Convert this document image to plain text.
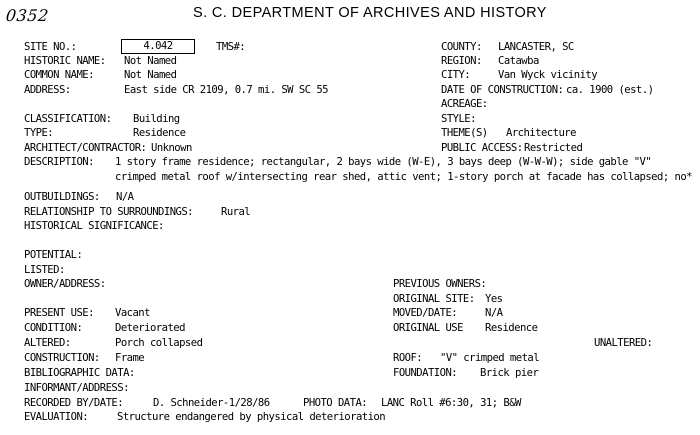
0352	S. C. DEPARTMENT OF ARCHIVES AND HISTORY
SITE NO.:	4.042	TMS#:
HISTORIC NAME: Not Named
COMMON NAME:	Not Named
ADDRESS:	East side CR 2109, 0.7 mi. SW SC 55
COUNTY: LANCASTER, SC
REGION: Catawba
CITY:	Van Wyck vicinity
DATE OF CONSTRUCTION: ca. 1900 (est.)
ACREAGE:
STYLE:
THEME(S) Architecture
PUBLIC ACCESS: Restricted
CLASSIFICATION: Building
TYPE:	Residence
ARCHITECT/CONTRACTOR: Unknown
DESCRIPTION: 1 story frame residence; rectangular, 2 bays wide (W-E), 3 bays deep (W-W-W); side gable "V"
crimped metal roof w/intersecting rear shed, attic vent; 1-story porch at facade has collapsed; no*
OUTBUILDINGS: N/A
RELATIONSHIP TO SURROUNDINGS:	Rural
HISTORICAL SIGNIFICANCE:
POTENTIAL:
LISTED:
OWNER/ADDRESS:	PREVIOUS OWNERS:
ORIGINAL SITE: Yes
MOVED/DATE:	N/A
ORIGINAL USE Residence
UNALTERED:
ROOF: "V" crimped metal
FOUNDATION: Brick pier
PRESENT USE: Vacant
CONDITION:	Deteriorated
ALTERED:	Porch collapsed
CONSTRUCTION: Frame
BIBLIOGRAPHIC DATA:
INFORMANT/ADDRESS:
RECORDED BY/DATE:	D. Schneider-1/28/86	PHOTO DATA: LANC Roll #6:30, 31; B&W
EVALUATION:	Structure endangered by physical deterioration
